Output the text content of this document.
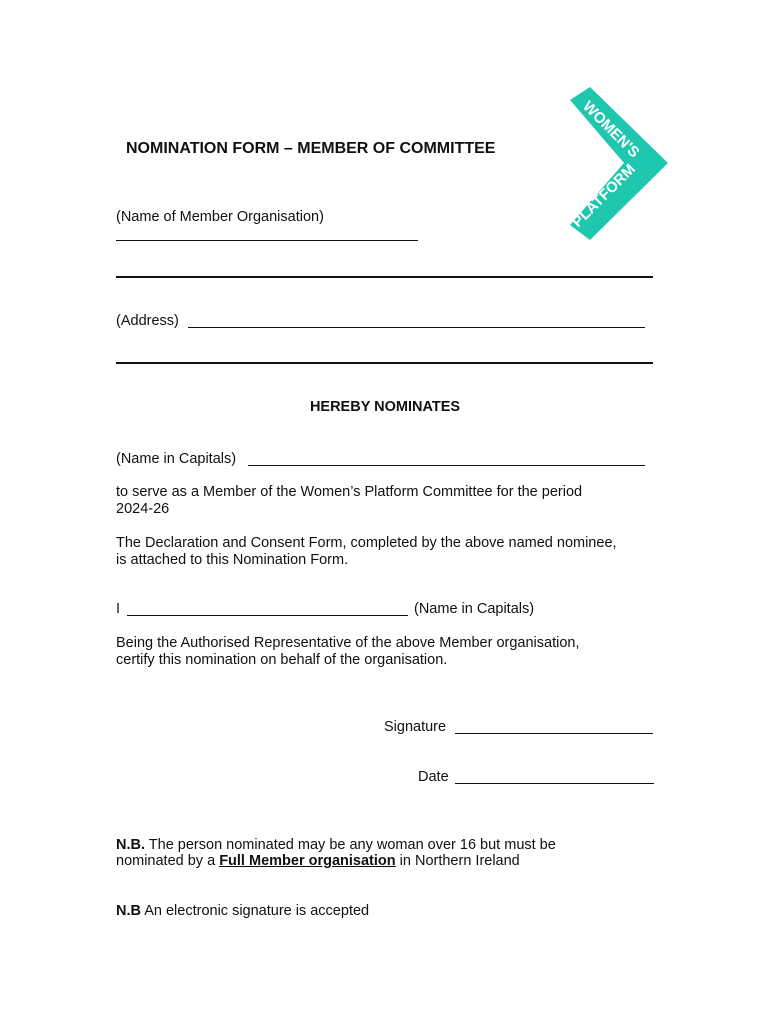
WOMEN'S
PLATFORM
NOMINATION FORM – MEMBER OF COMMITTEE
(Name of Member Organisation)
(Address)
HEREBY NOMINATES
(Name in Capitals)
to serve as a Member of the Women’s Platform Committee for the period
2024-26
The Declaration and Consent Form, completed by the above named nominee,
is attached to this Nomination Form.
I	(Name in Capitals)
Being the Authorised Representative of the above Member organisation,
certify this nomination on behalf of the organisation.
Signature
Date
N.B. The person nominated may be any woman over 16 but must be
nominated by a Full Member organisation in Northern Ireland
N.B An electronic signature is accepted
